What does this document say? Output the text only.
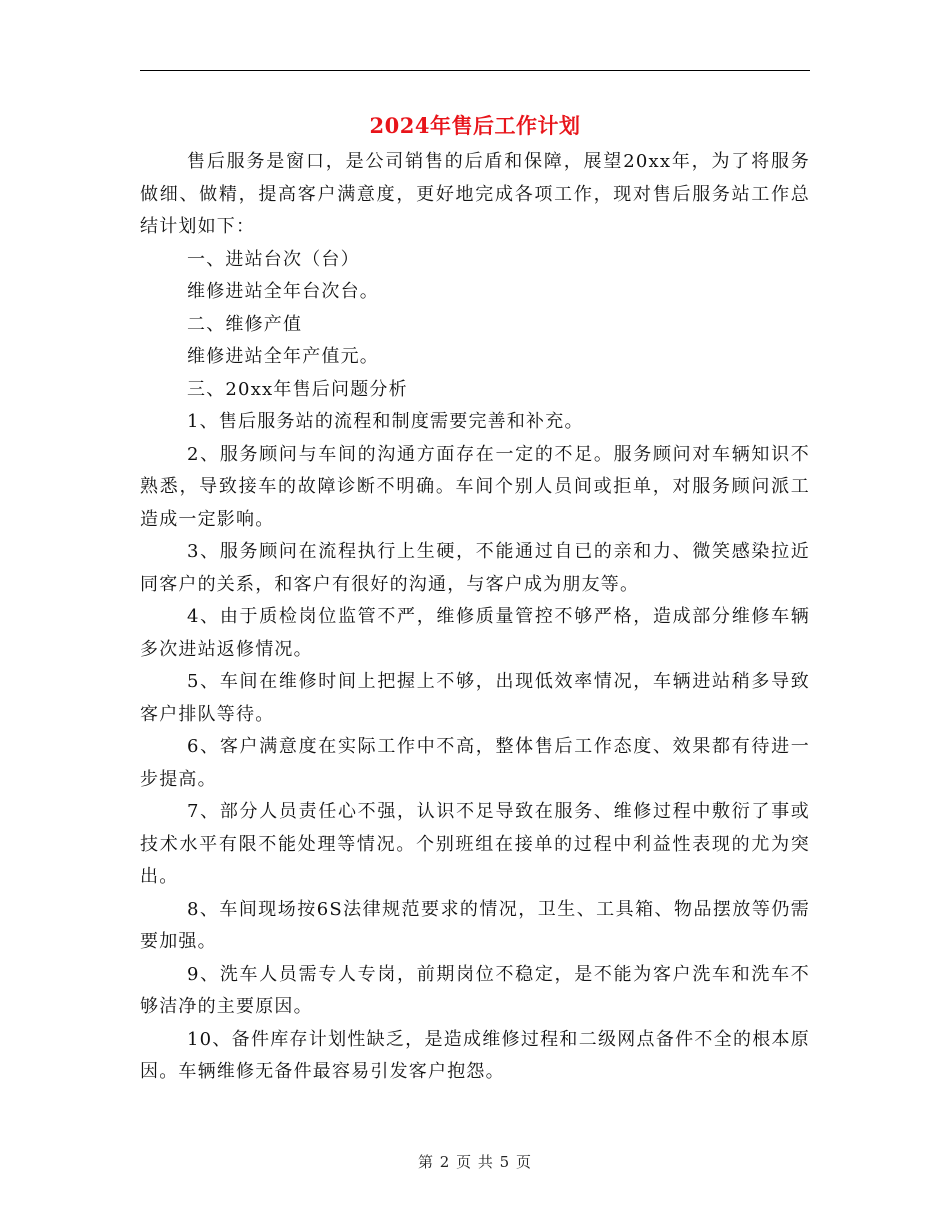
2024年售后工作计划

售后服务是窗口，是公司销售的后盾和保障，展望20xx年，为了将服务做细、做精，提高客户满意度，更好地完成各项工作，现对售后服务站工作总结计划如下：

一、进站台次（台）

维修进站全年台次台。

二、维修产值

维修进站全年产值元。

三、20xx年售后问题分析

1、售后服务站的流程和制度需要完善和补充。

2、服务顾问与车间的沟通方面存在一定的不足。服务顾问对车辆知识不熟悉，导致接车的故障诊断不明确。车间个别人员间或拒单，对服务顾问派工造成一定影响。

3、服务顾问在流程执行上生硬，不能通过自已的亲和力、微笑感染拉近同客户的关系，和客户有很好的沟通，与客户成为朋友等。

4、由于质检岗位监管不严，维修质量管控不够严格，造成部分维修车辆多次进站返修情况。

5、车间在维修时间上把握上不够，出现低效率情况，车辆进站稍多导致客户排队等待。

6、客户满意度在实际工作中不高，整体售后工作态度、效果都有待进一步提高。

7、部分人员责任心不强，认识不足导致在服务、维修过程中敷衍了事或技术水平有限不能处理等情况。个别班组在接单的过程中利益性表现的尤为突出。

8、车间现场按6S法律规范要求的情况，卫生、工具箱、物品摆放等仍需要加强。

9、洗车人员需专人专岗，前期岗位不稳定，是不能为客户洗车和洗车不够洁净的主要原因。

10、备件库存计划性缺乏，是造成维修过程和二级网点备件不全的根本原因。车辆维修无备件最容易引发客户抱怨。

第 2 页 共 5 页
